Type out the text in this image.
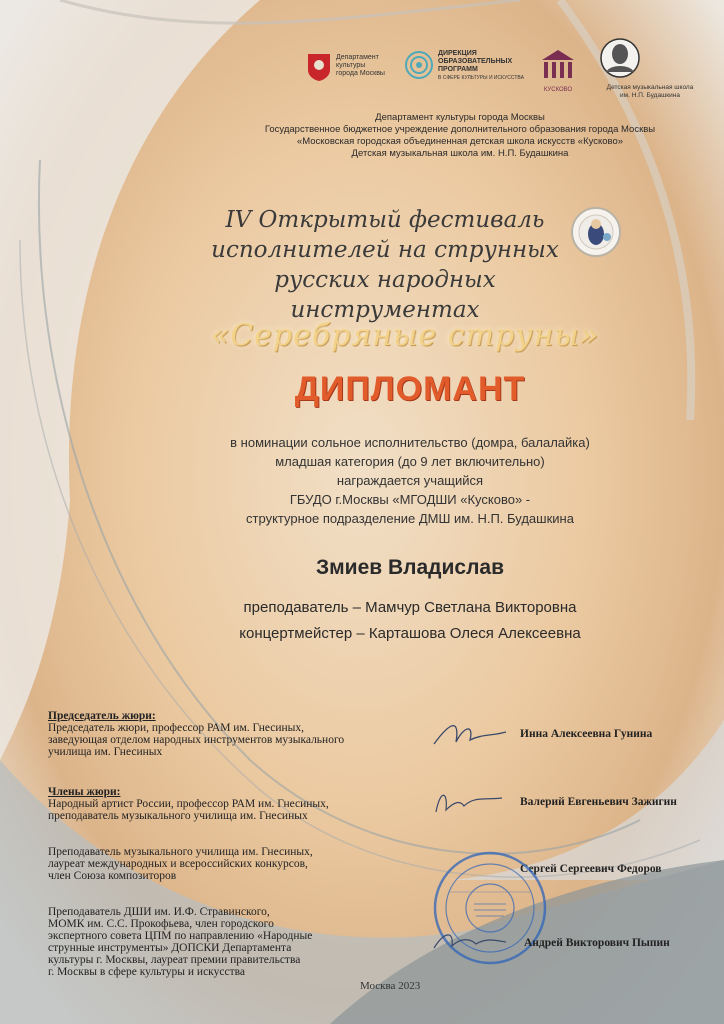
Департамент
культуры
города Москвы
ДИРЕКЦИЯ
ОБРАЗОВАТЕЛЬНЫХ
ПРОГРАММ
В СФЕРЕ КУЛЬТУРЫ И ИСКУССТВА
КУСКОВО	Детская музыкальная школа
им. Н.П. Будашкина
Департамент культуры города Москвы
Государственное бюджетное учреждение дополнительного образования города Москвы
«Московская городская объединенная детская школа искусств «Кусково»
Детская музыкальная школа им. Н.П. Будашкина
IV Открытый фестиваль
исполнителей на струнных
русских народных инструментах
«Серебряные струны»
ДИПЛОМАНТ
в номинации сольное исполнительство (домра, балалайка)
младшая категория (до 9 лет включительно)
награждается учащийся
ГБУДО г.Москвы «МГОДШИ «Кусково» -
структурное подразделение ДМШ им. Н.П. Будашкина
Змиев Владислав
преподаватель – Мамчур Светлана Викторовна
концертмейстер – Карташова Олеся Алексеевна
Председатель жюри:
Председатель жюри, профессор РАМ им. Гнесиных,
заведующая отделом народных инструментов музыкального
училища им. Гнесиных
Инна Алексеевна Гунина
Члены жюри:
Народный артист России, профессор РАМ им. Гнесиных,
преподаватель музыкального училища им. Гнесиных
Валерий Евгеньевич Зажигин
Преподаватель музыкального училища им. Гнесиных,
лауреат международных и всероссийских конкурсов,
член Союза композиторов
Сергей Сергеевич Федоров
Преподаватель ДШИ им. И.Ф. Стравинского,
МОМК им. С.С. Прокофьева, член городского
экспертного совета ЦПМ по направлению «Народные
струнные инструменты» ДОПСКИ Департамента
культуры г. Москвы, лауреат премии правительства
г. Москвы в сфере культуры и искусства
Андрей Викторович Пыпин
Москва 2023
